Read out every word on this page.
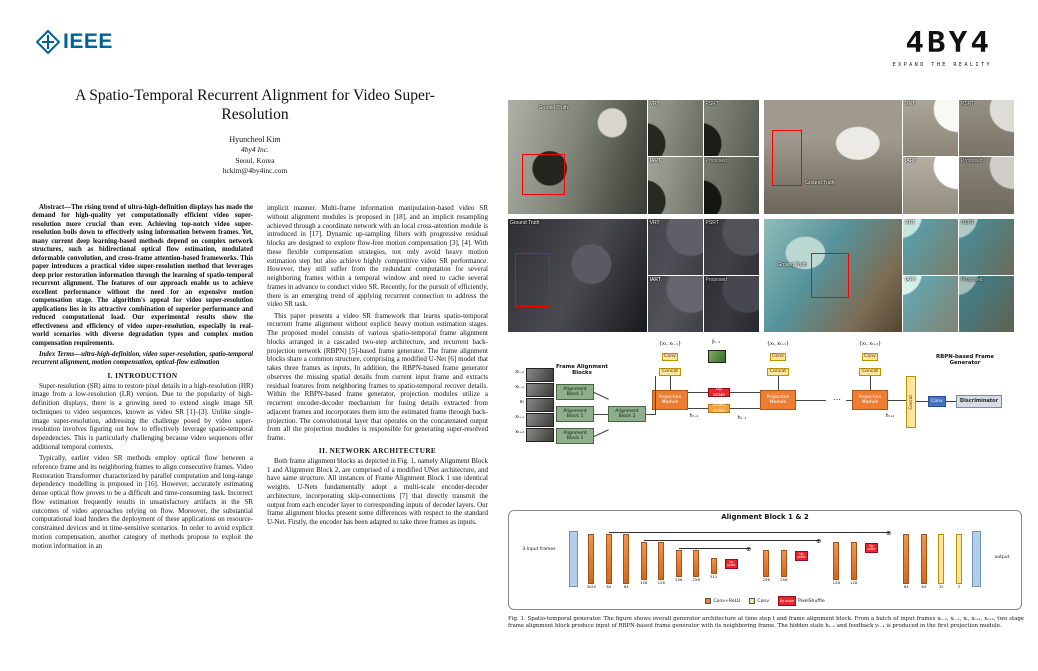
IEEE
A Spatio-Temporal Recurrent Alignment for Video Super-Resolution
Hyuncheol Kim
4by4 Inc.
Seoul, Korea
hckim@4by4inc.com

Abstract—The rising trend of ultra-high-definition displays has made the demand for high-quality yet computationally efficient video super-resolution more crucial than ever. Achieving top-notch video super-resolution boils down to effectively using information between frames. Yet, many current deep learning-based methods depend on complex network structures, such as bidirectional optical flow estimation, modulated deformable convolution, and cross-frame attention-based frameworks. This paper introduces a practical video super-resolution method that leverages deep prior restoration information through the learning of spatio-temporal recurrent alignment. The features of our approach enable us to achieve excellent performance without the need for an expensive motion compensation stage. The algorithm's appeal for video super-resolution applications lies in its attractive combination of superior performance and reduced computational load. Our experimental results show the effectiveness and efficiency of video super-resolution, especially in real-world scenarios with diverse degradation types and complex motion compensation requirements.

Index Terms—ultra-high-definition, video super-resolution, spatio-temporal recurrent alignment, motion compensation, optical-flow estimation

I. INTRODUCTION

Super-resolution (SR) aims to restore pixel details in a high-resolution (HR) image from a low-resolution (LR) version. Due to the popularity of high-definition displays, there is a growing need to extend single image SR techniques to video sequences, known as video SR [1]–[3]. Unlike single-image super-resolution, addressing the challenge posed by video super-resolution involves figuring out how to effectively leverage spatio-temporal dependencies. This is particularly challenging because video sequences offer additional temporal contexts.

Typically, earlier video SR methods employ optical flow between a reference frame and its neighboring frames to align consecutive frames. Video Restoration Transformer characterized by parallel computation and long-range dependency modelling is proposed in [16]. However, accurately estimating dense optical flow proves to be a difficult and time-consuming task. Incorrect flow estimation frequently results in unsatisfactory artifacts in the SR outcomes of video approaches relying on flow. Moreover, the substantial computational load hinders the deployment of these applications on resource-constrained devices and in time-sensitive scenarios. In order to avoid explicit motion compensation, another category of methods propose to exploit the motion information in an

implicit manner. Multi-frame information manipulation-based video SR without alignment modules is proposed in [18], and an implicit resampling achieved through a coordinate network with an local cross-attention module is introduced in [17]. Dynamic up-sampling filters with progressive residual blocks are designed to explore flow-free motion compensation [3], [4]. With these flexible compensation strategies, not only avoid heavy motion estimation step but also achieve highly competitive video SR performance. However, they still suffer from the redundant computation for several neighboring frames within a temporal window and need to cache several frames in advance to conduct video SR. Recently, for the pursuit of efficiently, there is an emerging trend of applying recurrent connection to address the video SR task.

This paper presents a video SR framework that learns spatio-temporal recurrent frame alignment without explicit heavy motion estimation stages. The proposed model consists of various spatio-temporal frame alignment blocks arranged in a cascaded two-step architecture, and recurrent back-projection network (RBPN) [5]-based frame generator. The frame alignment blocks share a common structure, comprising a modified U-Net [6] model that takes three frames as inputs. In addition, the RBPN-based frame generator observes the missing spatial details from current input frame and extracts residual features from neighboring frames to spatio-temporal recover details. Within the RBPN-based frame generator, projection modules utilize a recurrent encoder-decoder mechanism for fusing details extracted from adjacent frames and incorporates them into the estimated frame through back-projection. The convolutional layer that operates on the concatenated output from all the projection modules is responsible for generating super-resolved frame.

II. NETWORK ARCHITECTURE

Both frame alignment blocks as depicted in Fig. 1, namely Alignment Block 1 and Alignment Block 2, are comprised of a modified UNet architecture, and have same structure. All instances of Frame Alignment Block 1 use identical weights. U-Nets fundamentally adopt a multi-scale encoder-decoder architecture, incorporating skip-connections [7] that directly transmit the output from each encoder layer to corresponding inputs of decoder layers. Our frame alignment blocks present some differences with respect to the standard U-Net. Firstly, the encoder has been adapted to take three frames as inputs.

4BY4
EXPAND THE REALITY
Ground Truth
VRT	PSRT
IART	Proposed
Ground Truth
VRT	PSRT
IART	Proposed
Ground Truth	VRT	PSRT
IART	Proposed
Ground Truth
VRT	PSRT
IART	Proposed
xₜ₋₂
xₜ₋₁
xₜ
xₜ₊₁
xₜ₊₂
Frame Alignment Blocks
Alignment Block 1
Alignment Block 1
Alignment Block 1
Alignment Block 2
{xₜ, xₜ₋₁}	ŷₜ₋₁	{xₜ, xₜ₊₁}	{xₜ, xₜ₊₂}
Conv	Conv	Conv
Concat	Concat	Concat
Projection Module
Projection Module
Projection Module
Up scale
Down scale
hₜ₋₂	hₜ₋₁
⋯
hₜ₊₂
Concat	Conv	Discriminator
RBPN-based Frame Generator
Alignment Block 1 & 2
3 Input frames
output
3x20	64	64
128	128
256	256
512
Up scale
⊕
256	256
Up scale
⊕
128	128
Up scale
⊕
64	64	32	3
Conv+ReLU	Conv	Up scale PixelShuffle

Fig. 1. Spatio-temporal generator. The figure shows overall generator architecture at time step t and frame alignment block. From a batch of input frames xₜ₋₂, xₜ₋₁, xₜ, xₜ₊₁, xₜ₊₂, two stage frame alignment block produce input of RBPN-based frame generator with its neighboring frame. The hidden state hₜ₋₁ and feedback yₜ₋₁ is produced in the first projection module.
